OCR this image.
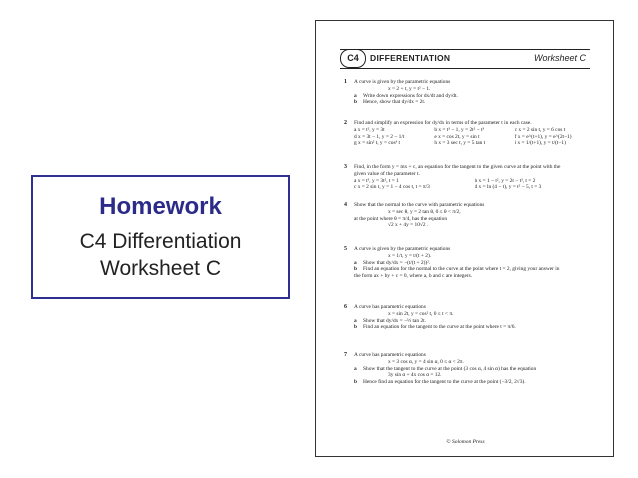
Homework
C4 Differentiation
Worksheet C
C4	DIFFERENTIATION	Worksheet C
1	A curve is given by the parametric equations
x = 2 + t, y = t² − 1.
a Write down expressions for dx/dt and dy/dt.
b Hence, show that dy/dx = 2t.
2	Find and simplify an expression for dy/dx in terms of the parameter t in each case.
a x = t², y = 3t	b x = t³ − 1, y = 2t² − t³	c x = 2 sin t, y = 6 cos t
d x = 3t − 1, y = 2 − 1/t	e x = cos 2t, y = sin t	f x = e^(t+1), y = e^(2t−1)
g x = sin² t, y = cos³ t	h x = 3 sec t, y = 5 tan t	i x = 1/(t+1), y = t/(t−1)
3	Find, in the form y = mx + c, an equation for the tangent to the given curve at the point with the
given value of the parameter t.
a x = t³, y = 3t², t = 1	b x = 1 − t², y = 2t − t³, t = 2
c x = 2 sin t, y = 1 − 4 cos t, t = π/3	d x = ln (4 − t), y = t² − 5, t = 3
4	Show that the normal to the curve with parametric equations
x = sec θ, y = 2 tan θ, 0 ≤ θ < π/2,
at the point where θ = π/4, has the equation
√2 x + 4y = 10√2 .
5	A curve is given by the parametric equations
x = 1/t, y = t/(t + 2).
a Show that dy/dx = −(t/(t + 2))².
b Find an equation for the normal to the curve at the point where t = 2, giving your answer in
the form ax + by + c = 0, where a, b and c are integers.
6	A curve has parametric equations
x = sin 2t, y = cos² t, 0 ≤ t < π.
a Show that dy/dx = −½ tan 2t.
b Find an equation for the tangent to the curve at the point where t = π/6.
7	A curve has parametric equations
x = 3 cos α, y = 4 sin α, 0 ≤ α < 2π.
a Show that the tangent to the curve at the point (3 cos α, 4 sin α) has the equation
3y sin α + 4x cos α = 12.
b Hence find an equation for the tangent to the curve at the point (−3/2, 2√3).
© Solomon Press
